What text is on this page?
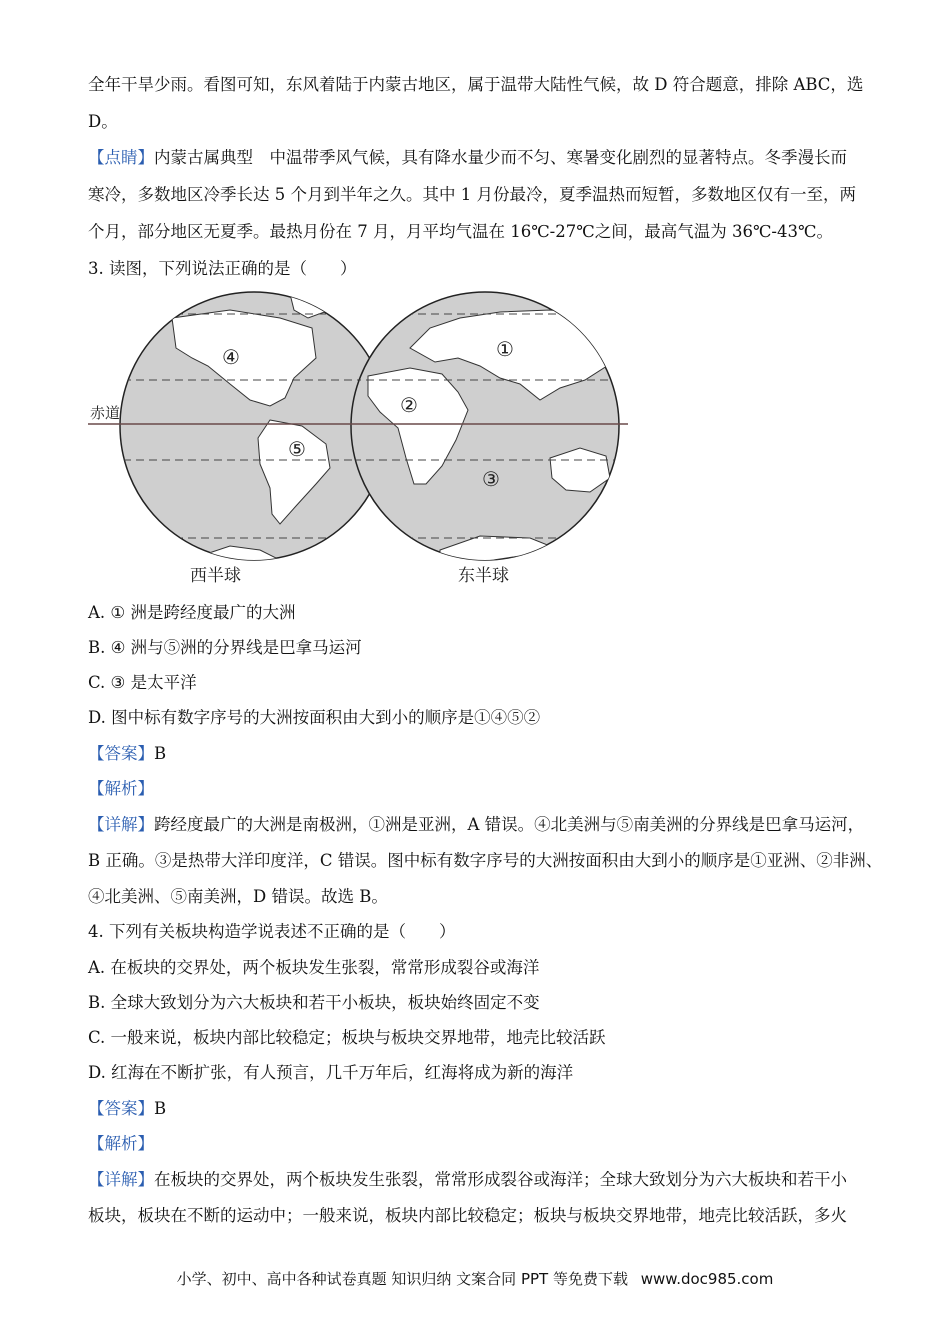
全年干旱少雨。看图可知，东风着陆于内蒙古地区，属于温带大陆性气候，故 D 符合题意，排除 ABC，选
D。
【点睛】内蒙古属典型　中温带季风气候，具有降水量少而不匀、寒暑变化剧烈的显著特点。冬季漫长而
寒冷，多数地区冷季长达 5 个月到半年之久。其中 1 月份最冷，夏季温热而短暂，多数地区仅有一至，两
个月，部分地区无夏季。最热月份在 7 月，月平均气温在 16℃-27℃之间，最高气温为 36℃-43℃。
3. 读图，下列说法正确的是（　　）
赤道
④
⑤
①
②
③
西半球	东半球
A. ① 洲是跨经度最广的大洲
B. ④ 洲与⑤洲的分界线是巴拿马运河
C. ③ 是太平洋
D. 图中标有数字序号的大洲按面积由大到小的顺序是①④⑤②
【答案】B
【解析】
【详解】跨经度最广的大洲是南极洲，①洲是亚洲，A 错误。④北美洲与⑤南美洲的分界线是巴拿马运河，
B 正确。③是热带大洋印度洋，C 错误。图中标有数字序号的大洲按面积由大到小的顺序是①亚洲、②非洲、
④北美洲、⑤南美洲，D 错误。故选 B。
4. 下列有关板块构造学说表述不正确的是（　　）
A. 在板块的交界处，两个板块发生张裂，常常形成裂谷或海洋
B. 全球大致划分为六大板块和若干小板块，板块始终固定不变
C. 一般来说，板块内部比较稳定；板块与板块交界地带，地壳比较活跃
D. 红海在不断扩张，有人预言，几千万年后，红海将成为新的海洋
【答案】B
【解析】
【详解】在板块的交界处，两个板块发生张裂，常常形成裂谷或海洋；全球大致划分为六大板块和若干小
板块，板块在不断的运动中；一般来说，板块内部比较稳定；板块与板块交界地带，地壳比较活跃，多火
小学、初中、高中各种试卷真题 知识归纳 文案合同 PPT 等免费下载 www.doc985.com
